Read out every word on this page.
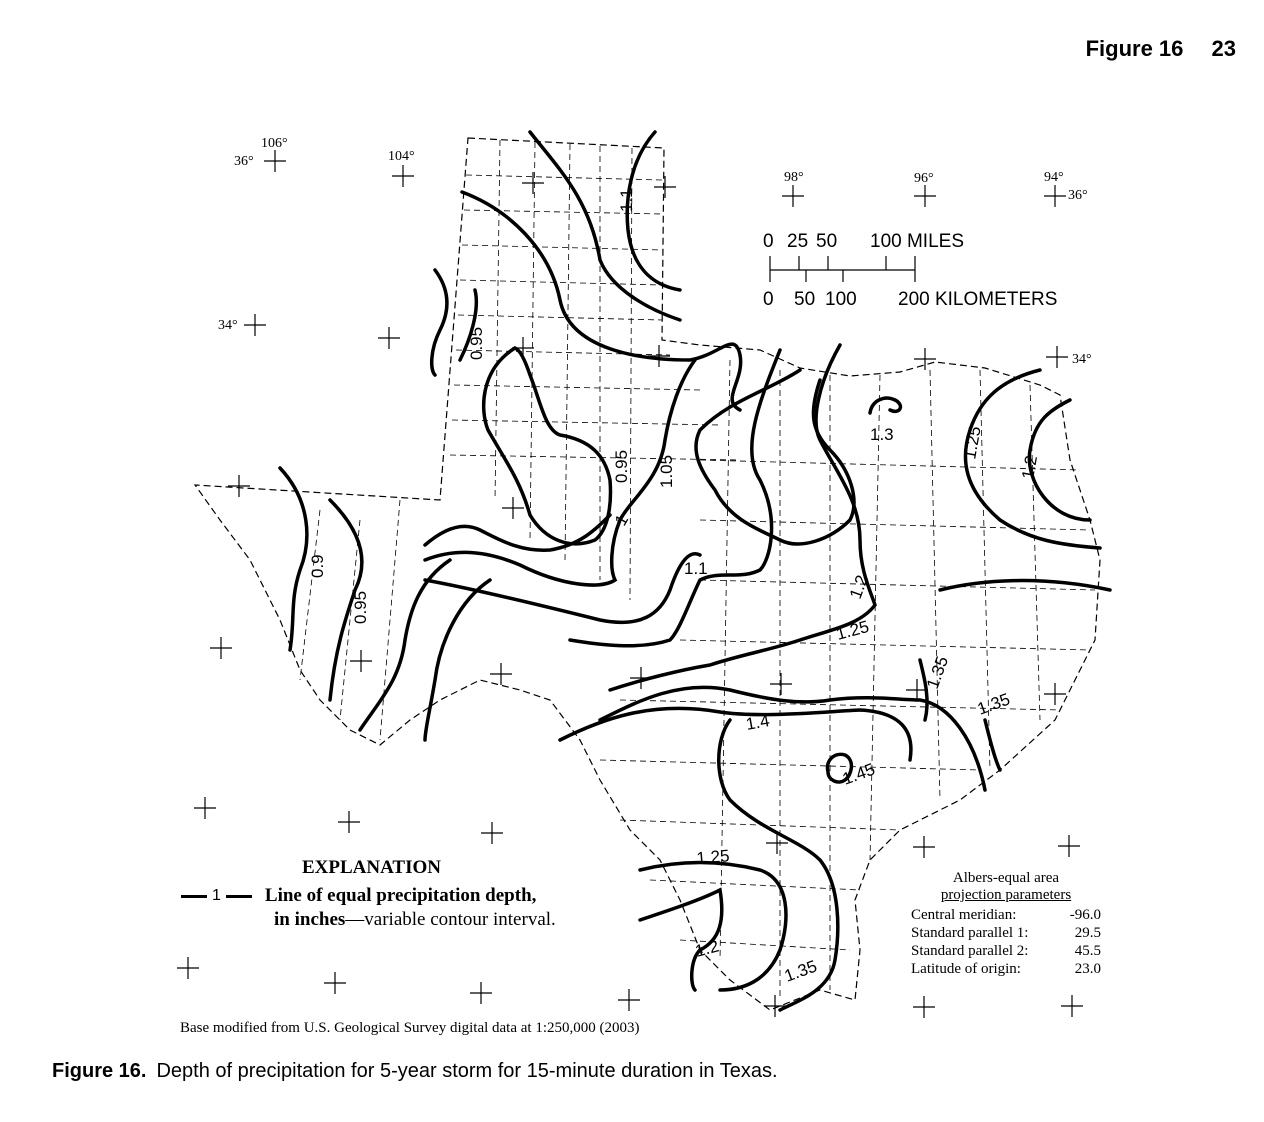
Figure 16 23
106°
36°	104°
98°	96°	94°
36°
34°
34°
0 25 50 100 MILES
0 50 100 200 KILOMETERS
1.1
0.95
0.95
1
1.05
1.1
0.9
0.95
1.2
1.25
1.3	1.25
1.2
1.35
1.35
1.4
1.45
1.25
1.2
1.35
EXPLANATION
1 Line of equal precipitation depth,
in inches—variable contour interval.
Albers-equal area
projection parameters
Central meridian:	-96.0
Standard parallel 1:	29.5
Standard parallel 2:	45.5
Latitude of origin:	23.0
Base modified from U.S. Geological Survey digital data at 1:250,000 (2003)
Figure 16. Depth of precipitation for 5-year storm for 15-minute duration in Texas.
